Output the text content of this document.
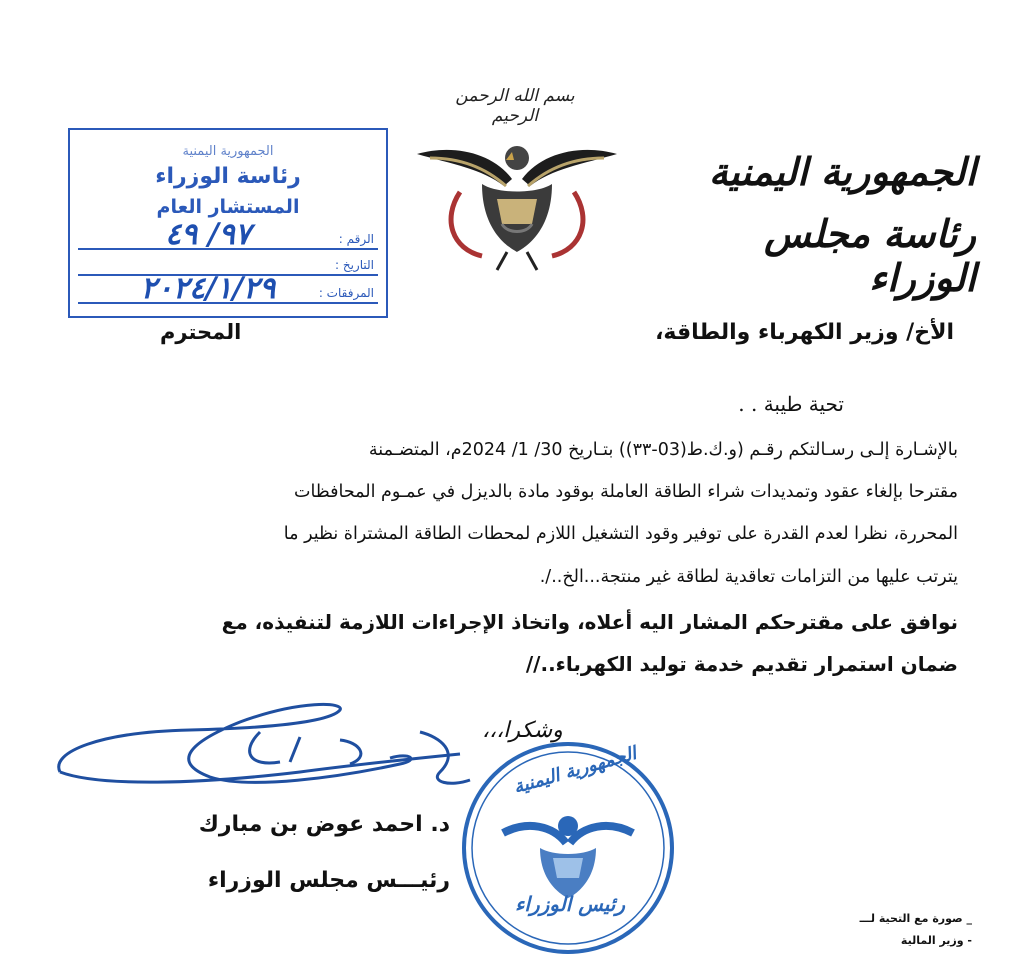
بسم الله الرحمن الرحيم
الجمهورية اليمنية
رئاسة مجلس الوزراء
الجمهورية اليمنية
رئاسة الوزراء
المستشار العام
الرقم :
٩٧/ ٤٩
التاريخ :
المرفقات :
٢٠٢٤/١/٢٩
المحترم	الأخ/ وزير الكهرباء والطاقة،
تحية طيبة . .
بالإشـارة إلـى رسـالتكم رقـم (و.ك.ط(03-٣٣)) بتـاريخ 30/ 1/ 2024م، المتضـمنة
مقترحا بإلغاء عقود وتمديدات شراء الطاقة العاملة بوقود مادة بالديزل في عمـوم المحافظات
المحررة، نظرا لعدم القدرة على توفير وقود التشغيل اللازم لمحطات الطاقة المشتراة نظير ما
يترتب عليها من التزامات تعاقدية لطاقة غير منتجة...الخ../.
نوافق على مقترحكم المشار اليه أعلاه، واتخاذ الإجراءات اللازمة لتنفيذه، مع
ضمان استمرار تقديم خدمة توليد الكهرباء..//
وشكرا،،،
د. احمد عوض بن مبارك
رئيـــس مجلس الوزراء
الجمهورية اليمنية
رئيس الوزراء
_ صورة مع التحية لـــ
- وزير المالية
